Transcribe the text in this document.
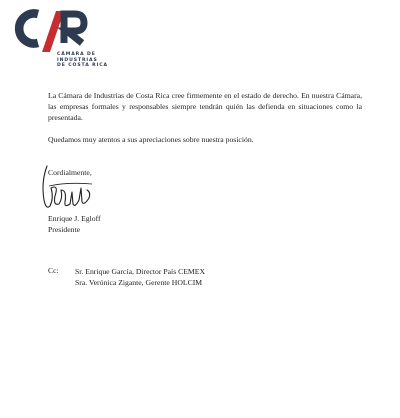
CÁMARA DE
INDUSTRIAS
DE COSTA RICA

La Cámara de Industrias de Costa Rica cree firmemente en el estado de derecho. En nuestra Cámara, las empresas formales y responsables siempre tendrán quién las defienda en situaciones como la presentada.

Quedamos muy atentos a sus apreciaciones sobre nuestra posición.

Cordialmente,
Enrique J. Egloff
Presidente
Cc: Sr. Enrique García, Director País CEMEX
Sra. Verónica Zigante, Gerente HOLCIM
